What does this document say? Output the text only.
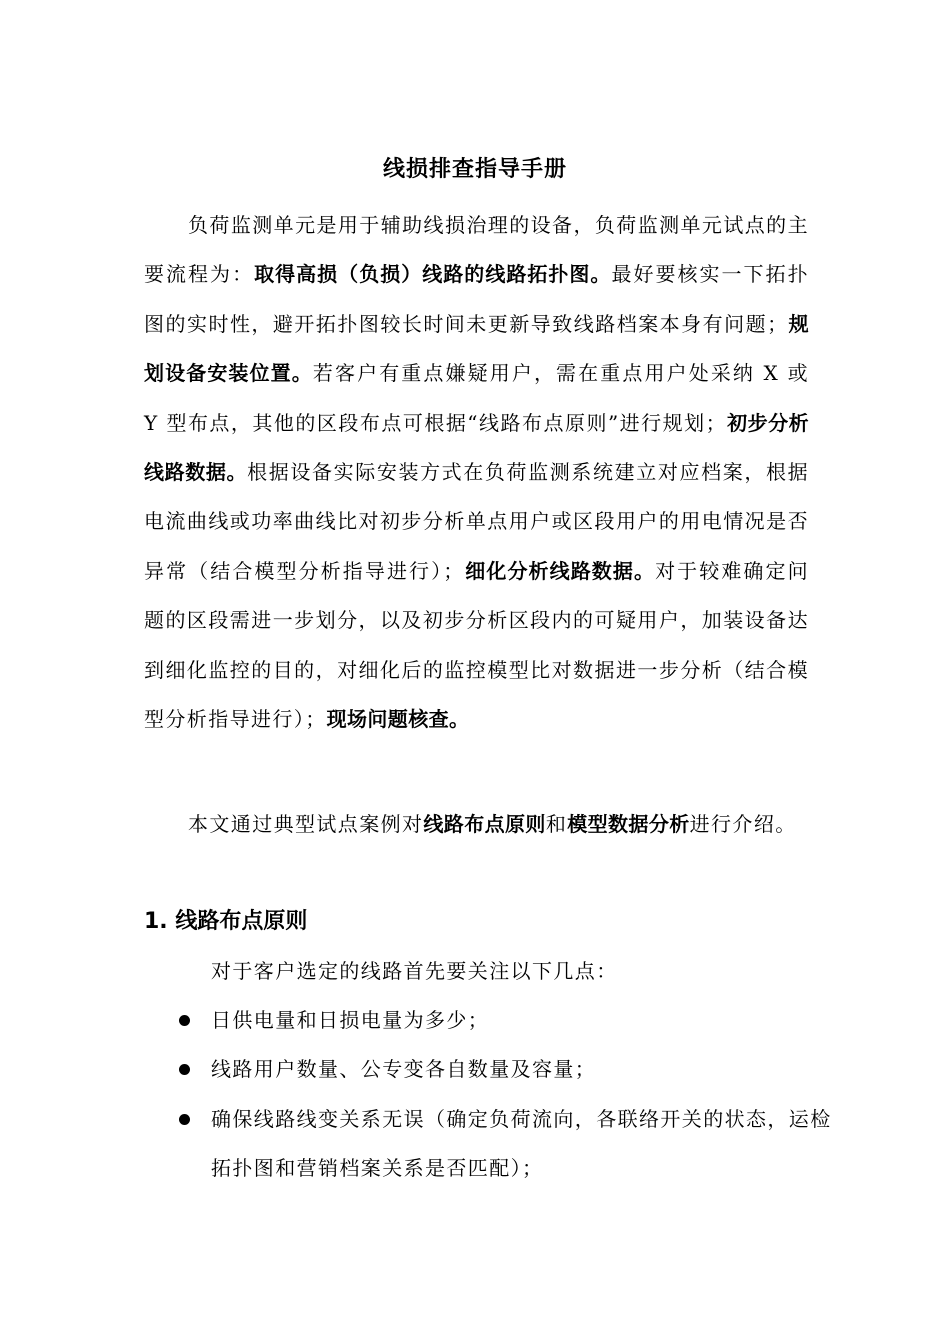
线损排查指导手册

负荷监测单元是用于辅助线损治理的设备，负荷监测单元试点的主要流程为：取得高损（负损）线路的线路拓扑图。最好要核实一下拓扑图的实时性，避开拓扑图较长时间未更新导致线路档案本身有问题；规划设备安装位置。若客户有重点嫌疑用户，需在重点用户处采纳 X 或 Y 型布点，其他的区段布点可根据“线路布点原则”进行规划；初步分析线路数据。根据设备实际安装方式在负荷监测系统建立对应档案，根据电流曲线或功率曲线比对初步分析单点用户或区段用户的用电情况是否异常（结合模型分析指导进行）；细化分析线路数据。对于较难确定问题的区段需进一步划分，以及初步分析区段内的可疑用户，加装设备达到细化监控的目的，对细化后的监控模型比对数据进一步分析（结合模型分析指导进行）；现场问题核查。

本文通过典型试点案例对线路布点原则和模型数据分析进行介绍。

1. 线路布点原则
对于客户选定的线路首先要关注以下几点：
日供电量和日损电量为多少；
线路用户数量、公专变各自数量及容量；
确保线路线变关系无误（确定负荷流向，各联络开关的状态，运检拓扑图和营销档案关系是否匹配）；
